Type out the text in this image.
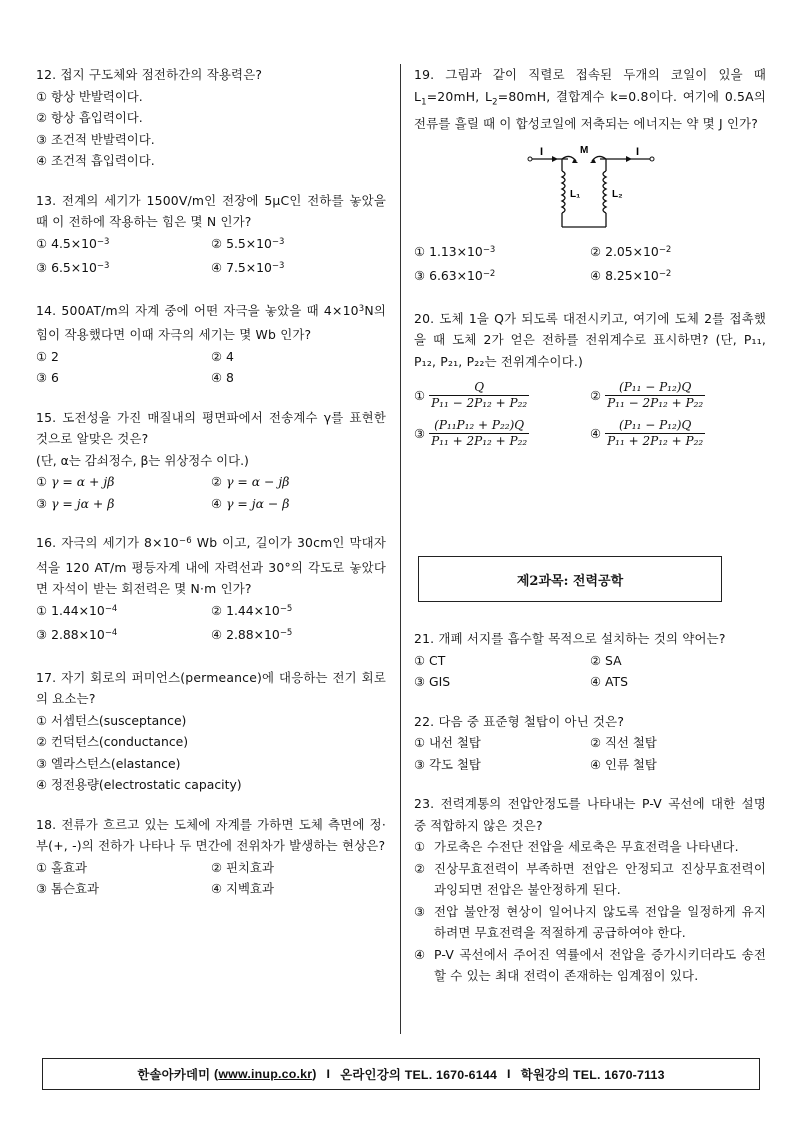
12. 접지 구도체와 점전하간의 작용력은?
① 항상 반발력이다.
② 항상 흡입력이다.
③ 조건적 반발력이다.
④ 조건적 흡입력이다.
13. 전계의 세기가 1500V/m인 전장에 5μC인 전하를 놓았을 때 이 전하에 작용하는 힘은 몇 N 인가?
① $4.5\times 10^{-3}$	② $5.5\times 10^{-3}$
③ $6.5\times 10^{-3}$	④ $7.5\times 10^{-3}$
14. 500AT/m의 자계 중에 어떤 자극을 놓았을 때 $4\times 10^3N$의 힘이 작용했다면 이때 자극의 세기는 몇 Wb 인가?
① 2	② 4
③ 6	④ 8
15. 도전성을 가진 매질내의 평면파에서 전송계수 γ를 표현한 것으로 알맞은 것은?
(단, α는 감쇠정수, β는 위상정수 이다.)
① γ = α + jβ	② γ = α − jβ
③ γ = jα + β	④ γ = jα − β
16. 자극의 세기가 $8\times 10^{-6}$ Wb 이고, 길이가 30cm인 막대자석을 120 AT/m 평등자계 내에 자력선과 30°의 각도로 놓았다면 자석이 받는 회전력은 몇 N·m 인가?
① $1.44\times 10^{-4}$	② $1.44\times 10^{-5}$
③ $2.88\times 10^{-4}$	④ $2.88\times 10^{-5}$
17. 자기 회로의 퍼미언스(permeance)에 대응하는 전기 회로의 요소는?
① 서셉턴스(susceptance)
② 컨덕턴스(conductance)
③ 엘라스턴스(elastance)
④ 정전용량(electrostatic capacity)
18. 전류가 흐르고 있는 도체에 자계를 가하면 도체 측면에 정·부(+, -)의 전하가 나타나 두 면간에 전위차가 발생하는 현상은?
① 홀효과	② 핀치효과
③ 톰슨효과	④ 지벡효과
19. 그림과 같이 직렬로 접속된 두개의 코일이 있을 때 $L_1=20mH$, $L_2=80mH$, 결합계수 k=0.8이다. 여기에 0.5A의 전류를 흘릴 때 이 합성코일에 저축되는 에너지는 약 몇 J 인가?
I	M	I
L₁	L₂
① $1.13\times 10^{-3}$	② $2.05\times 10^{-2}$
③ $6.63\times 10^{-2}$	④ $8.25\times 10^{-2}$
20. 도체 1을 Q가 되도록 대전시키고, 여기에 도체 2를 접촉했을 때 도체 2가 얻은 전하를 전위계수로 표시하면? (단, P₁₁, P₁₂, P₂₁, P₂₂는 전위계수이다.)
① $\frac{Q}{\text{P₁₁ − 2P₁₂ + P₂₂}}$	② $\frac{\text{(P₁₁ − P₁₂)Q}}{\text{P₁₁ − 2P₁₂ + P₂₂}}$
③ $\frac{\text{(P₁₁P₁₂ + P₂₂)Q}}{\text{P₁₁ + 2P₁₂ + P₂₂}}$	④ $\frac{\text{(P₁₁ − P₁₂)Q}}{\text{P₁₁ + 2P₁₂ + P₂₂}}$
제2과목: 전력공학
21. 개폐 서지를 흡수할 목적으로 설치하는 것의 약어는?
① CT	② SA
③ GIS	④ ATS
22. 다음 중 표준형 철탑이 아닌 것은?
① 내선 철탑	② 직선 철탑
③ 각도 철탑	④ 인류 철탑
23. 전력계통의 전압안정도를 나타내는 P-V 곡선에 대한 설명 중 적합하지 않은 것은?
① 가로축은 수전단 전압을 세로축은 무효전력을 나타낸다.
② 진상무효전력이 부족하면 전압은 안정되고 진상무효전력이 과잉되면 전압은 불안정하게 된다.
③ 전압 불안정 현상이 일어나지 않도록 전압을 일정하게 유지하려면 무효전력을 적절하게 공급하여야 한다.
④ P-V 곡선에서 주어진 역률에서 전압을 증가시키더라도 송전할 수 있는 최대 전력이 존재하는 임계점이 있다.
한솔아카데미 ( www.inup.co.kr ) I 온라인강의 TEL. 1670-6144 I 학원강의 TEL. 1670-7113
